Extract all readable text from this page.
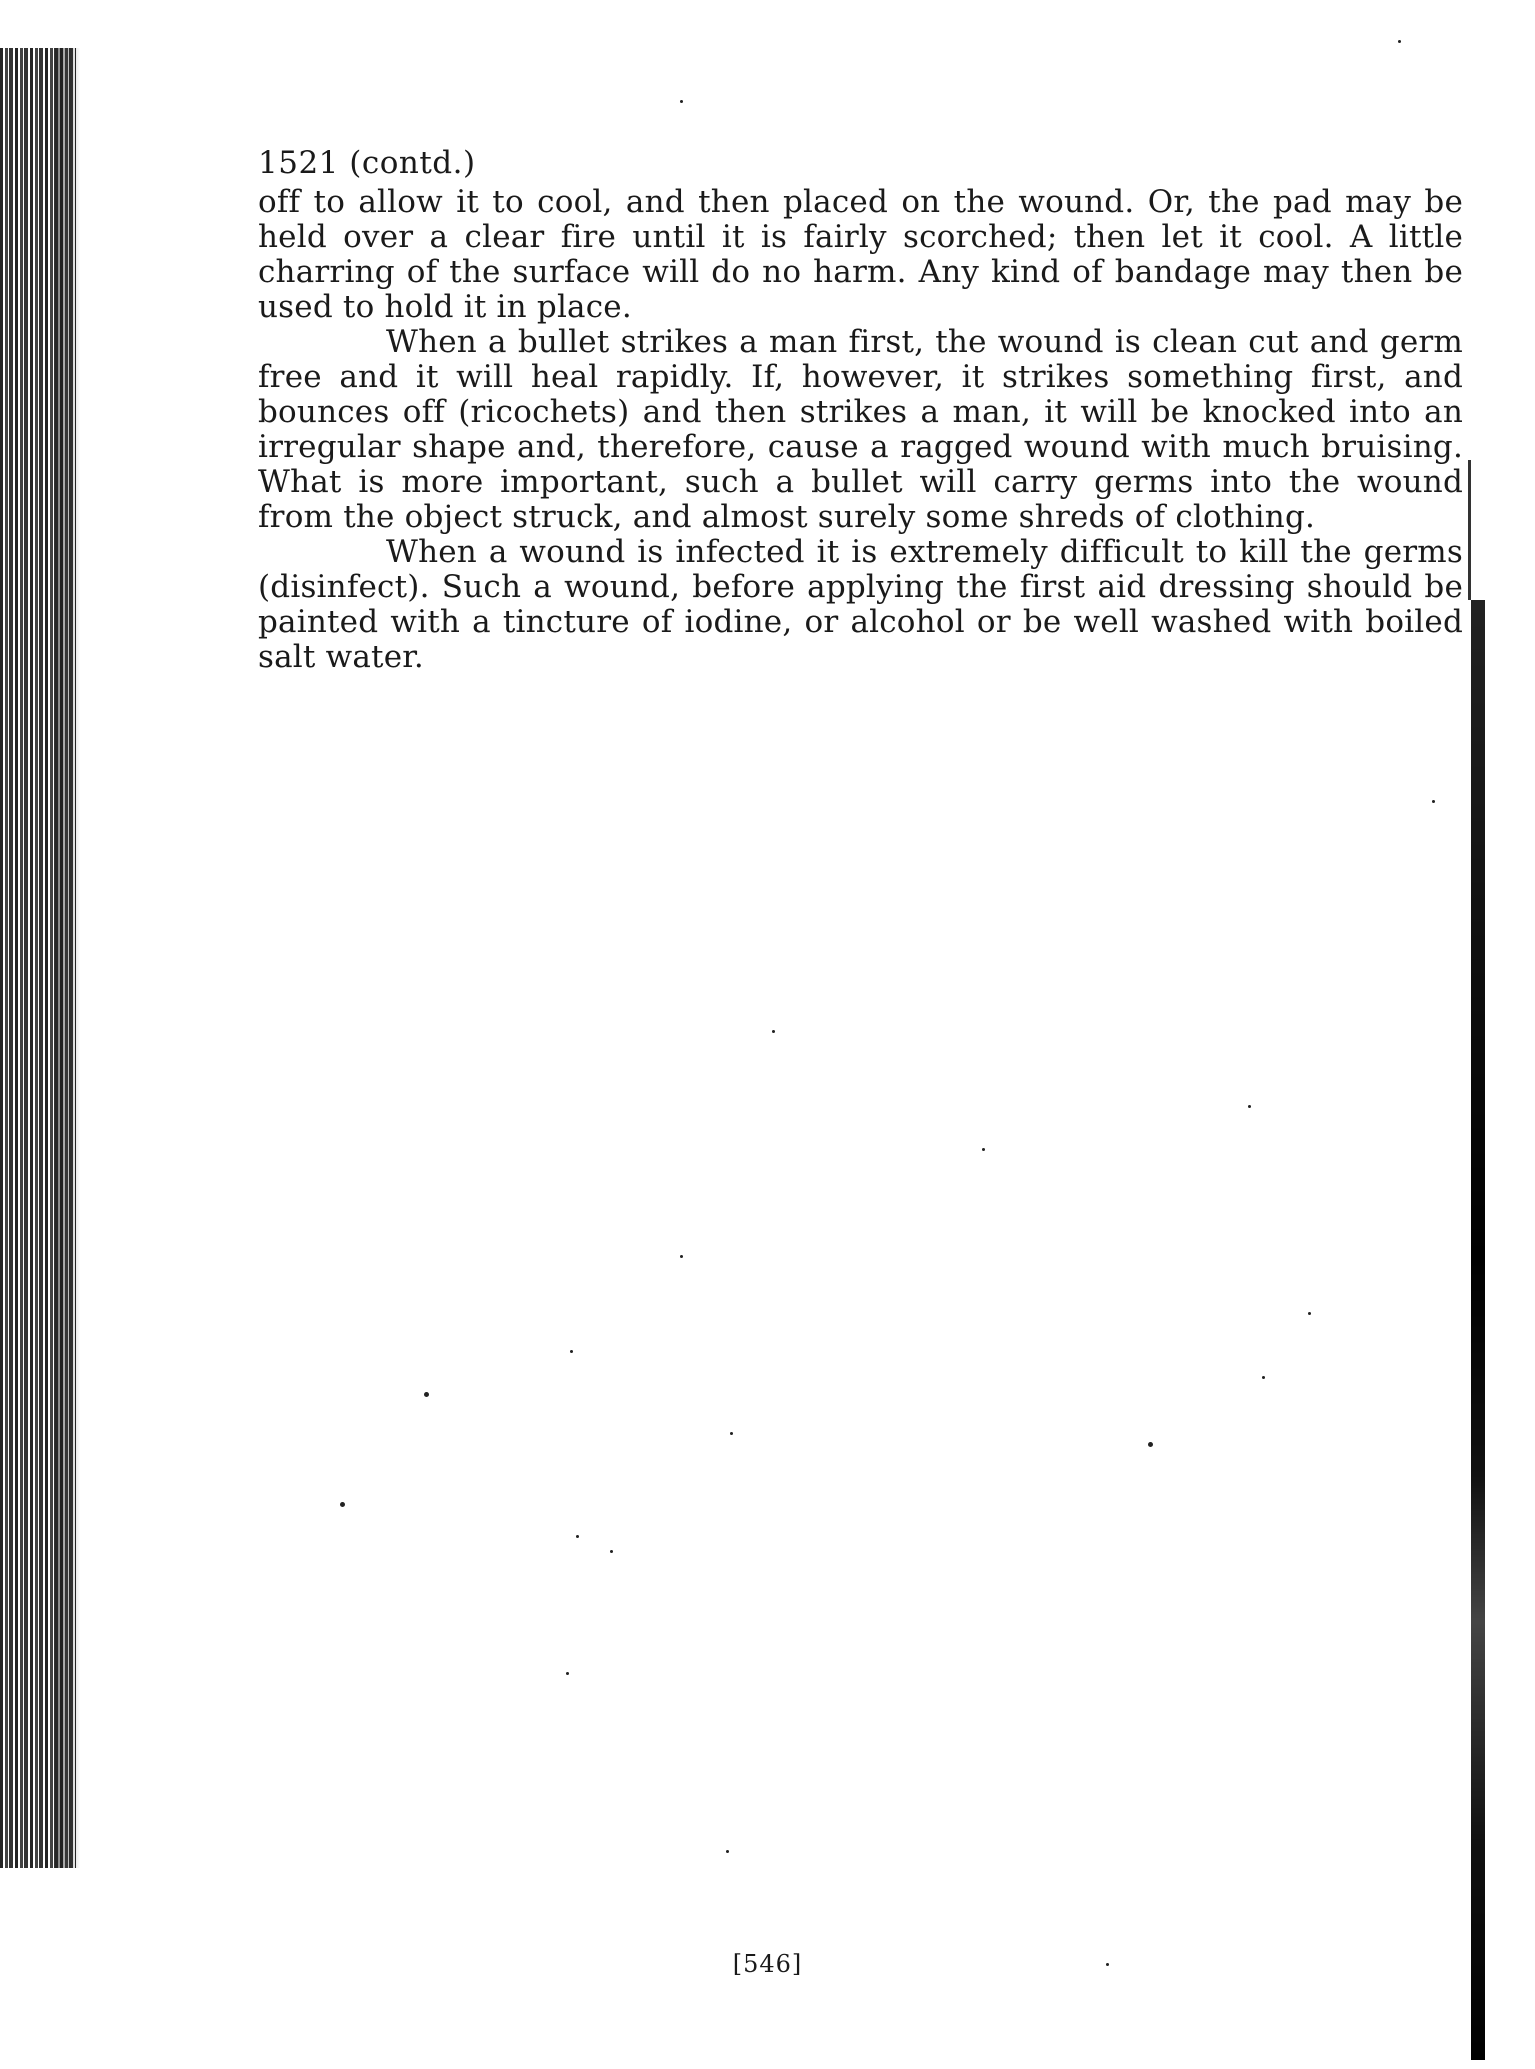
1521 (contd.)

off to allow it to cool, and then placed on the wound. Or, the pad may be held over a clear fire until it is fairly scorched; then let it cool. A little charring of the surface will do no harm. Any kind of bandage may then be used to hold it in place.

When a bullet strikes a man first, the wound is clean cut and germ free and it will heal rapidly. If, however, it strikes something first, and bounces off (ricochets) and then strikes a man, it will be knocked into an irregular shape and, therefore, cause a ragged wound with much bruising. What is more important, such a bullet will carry germs into the wound from the object struck, and almost surely some shreds of clothing.

When a wound is infected it is extremely difficult to kill the germs (disinfect). Such a wound, before applying the first aid dressing should be painted with a tincture of iodine, or alcohol or be well washed with boiled salt water.

[546]
